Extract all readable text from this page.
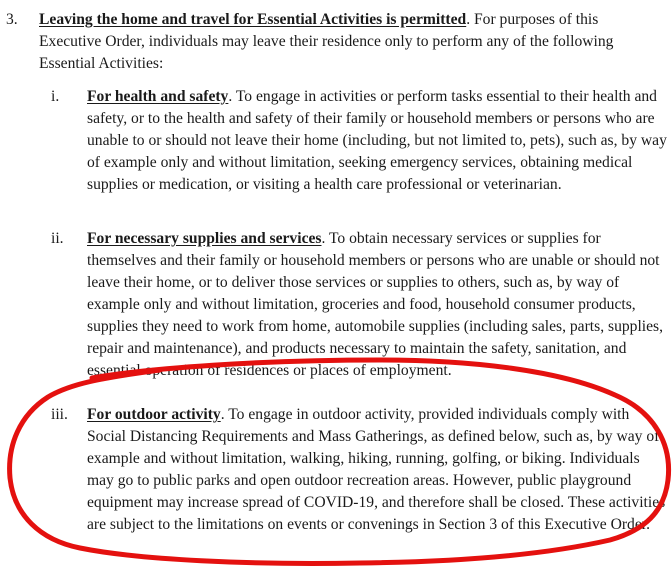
3. Leaving the home and travel for Essential Activities is permitted. For purposes of this Executive Order, individuals may leave their residence only to perform any of the following Essential Activities:
i. For health and safety. To engage in activities or perform tasks essential to their health and safety, or to the health and safety of their family or household members or persons who are unable to or should not leave their home (including, but not limited to, pets), such as, by way of example only and without limitation, seeking emergency services, obtaining medical supplies or medication, or visiting a health care professional or veterinarian.
ii. For necessary supplies and services. To obtain necessary services or supplies for themselves and their family or household members or persons who are unable or should not leave their home, or to deliver those services or supplies to others, such as, by way of example only and without limitation, groceries and food, household consumer products, supplies they need to work from home, automobile supplies (including sales, parts, supplies, repair and maintenance), and products necessary to maintain the safety, sanitation, and essential operation of residences or places of employment.
iii. For outdoor activity. To engage in outdoor activity, provided individuals comply with Social Distancing Requirements and Mass Gatherings, as defined below, such as, by way of example and without limitation, walking, hiking, running, golfing, or biking. Individuals may go to public parks and open outdoor recreation areas. However, public playground equipment may increase spread of COVID-19, and therefore shall be closed. These activities are subject to the limitations on events or convenings in Section 3 of this Executive Order.
